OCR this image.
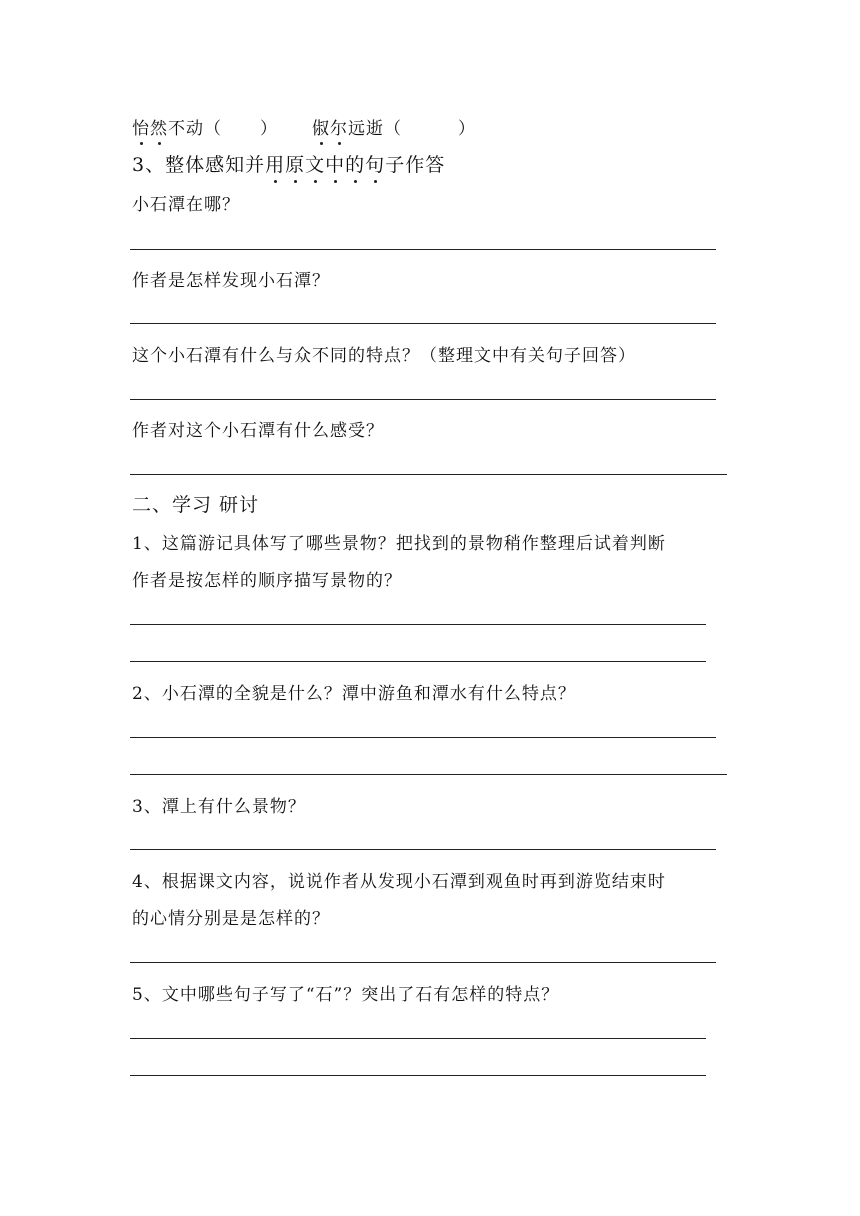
怡然不动（ ） 俶尔远逝（	）
3、整体感知并用原文中的句子作答
小石潭在哪？
作者是怎样发现小石潭？
这个小石潭有什么与众不同的特点？（整理文中有关句子回答）
作者对这个小石潭有什么感受？
二、学习 研讨
1、这篇游记具体写了哪些景物？把找到的景物稍作整理后试着判断
作者是按怎样的顺序描写景物的？
2、小石潭的全貌是什么？潭中游鱼和潭水有什么特点？
3、潭上有什么景物？
4、根据课文内容，说说作者从发现小石潭到观鱼时再到游览结束时
的心情分别是是怎样的？
5、文中哪些句子写了“石”？突出了石有怎样的特点？
